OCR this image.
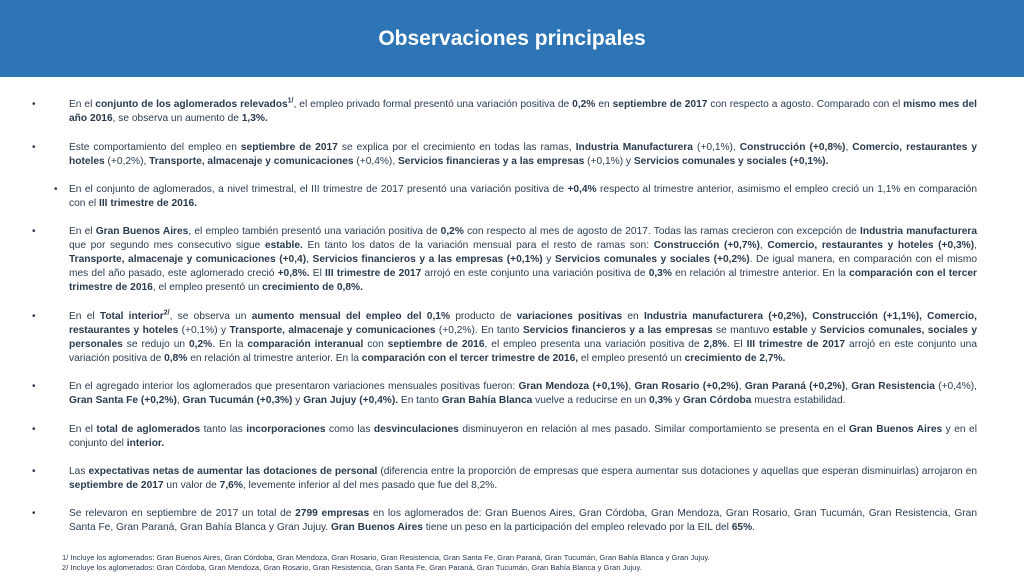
Observaciones principales
•	En el conjunto de los aglomerados relevados$^{1/}$, el empleo privado formal presentó una variación positiva de 0,2% en septiembre de 2017 con respecto a agosto. Comparado con el mismo mes del año 2016, se observa un aumento de 1,3%.
•	Este comportamiento del empleo en septiembre de 2017 se explica por el crecimiento en todas las ramas, Industria Manufacturera (+0,1%), Construcción (+0,8%), Comercio, restaurantes y hoteles (+0,2%), Transporte, almacenaje y comunicaciones (+0,4%), Servicios financieras y a las empresas (+0,1%) y Servicios comunales y sociales (+0,1%).
• En el conjunto de aglomerados, a nivel trimestral, el III trimestre de 2017 presentó una variación positiva de +0,4% respecto al trimestre anterior, asimismo el empleo creció un 1,1% en comparación con el III trimestre de 2016.
•	En el Gran Buenos Aires, el empleo también presentó una variación positiva de 0,2% con respecto al mes de agosto de 2017. Todas las ramas crecieron con excepción de Industria manufacturera que por segundo mes consecutivo sigue estable. En tanto los datos de la variación mensual para el resto de ramas son: Construcción (+0,7%), Comercio, restaurantes y hoteles (+0,3%), Transporte, almacenaje y comunicaciones (+0,4), Servicios financieros y a las empresas (+0,1%) y Servicios comunales y sociales (+0,2%). De igual manera, en comparación con el mismo mes del año pasado, este aglomerado creció +0,8%. El III trimestre de 2017 arrojó en este conjunto una variación positiva de 0,3% en relación al trimestre anterior. En la comparación con el tercer trimestre de 2016, el empleo presentó un crecimiento de 0,8%.
•	En el Total interior$^{2/}$, se observa un aumento mensual del empleo del 0,1% producto de variaciones positivas en Industria manufacturera (+0,2%), Construcción (+1,1%), Comercio, restaurantes y hoteles (+0,1%) y Transporte, almacenaje y comunicaciones (+0,2%). En tanto Servicios financieros y a las empresas se mantuvo estable y Servicios comunales, sociales y personales se redujo un 0,2%. En la comparación interanual con septiembre de 2016, el empleo presenta una variación positiva de 2,8%. El III trimestre de 2017 arrojó en este conjunto una variación positiva de 0,8% en relación al trimestre anterior. En la comparación con el tercer trimestre de 2016, el empleo presentó un crecimiento de 2,7%.
•	En el agregado interior los aglomerados que presentaron variaciones mensuales positivas fueron: Gran Mendoza (+0,1%), Gran Rosario (+0,2%), Gran Paraná (+0,2%), Gran Resistencia (+0,4%), Gran Santa Fe (+0,2%), Gran Tucumán (+0,3%) y Gran Jujuy (+0,4%). En tanto Gran Bahía Blanca vuelve a reducirse en un 0,3% y Gran Córdoba muestra estabilidad.
•	En el total de aglomerados tanto las incorporaciones como las desvinculaciones disminuyeron en relación al mes pasado. Similar comportamiento se presenta en el Gran Buenos Aires y en el conjunto del interior.
•	Las expectativas netas de aumentar las dotaciones de personal (diferencia entre la proporción de empresas que espera aumentar sus dotaciones y aquellas que esperan disminuirlas) arrojaron en septiembre de 2017 un valor de 7,6%, levemente inferior al del mes pasado que fue del 8,2%.
•	Se relevaron en septiembre de 2017 un total de 2799 empresas en los aglomerados de: Gran Buenos Aires, Gran Córdoba, Gran Mendoza, Gran Rosario, Gran Tucumán, Gran Resistencia, Gran Santa Fe, Gran Paraná, Gran Bahía Blanca y Gran Jujuy. Gran Buenos Aires tiene un peso en la participación del empleo relevado por la EIL del 65%.
1/ Incluye los aglomerados: Gran Buenos Aires, Gran Córdoba, Gran Mendoza, Gran Rosario, Gran Resistencia, Gran Santa Fe, Gran Paraná, Gran Tucumán, Gran Bahía Blanca y Gran Jujuy.
2/ Incluye los aglomerados: Gran Córdoba, Gran Mendoza, Gran Rosario, Gran Resistencia, Gran Santa Fe, Gran Paraná, Gran Tucumán, Gran Bahía Blanca y Gran Jujuy.
